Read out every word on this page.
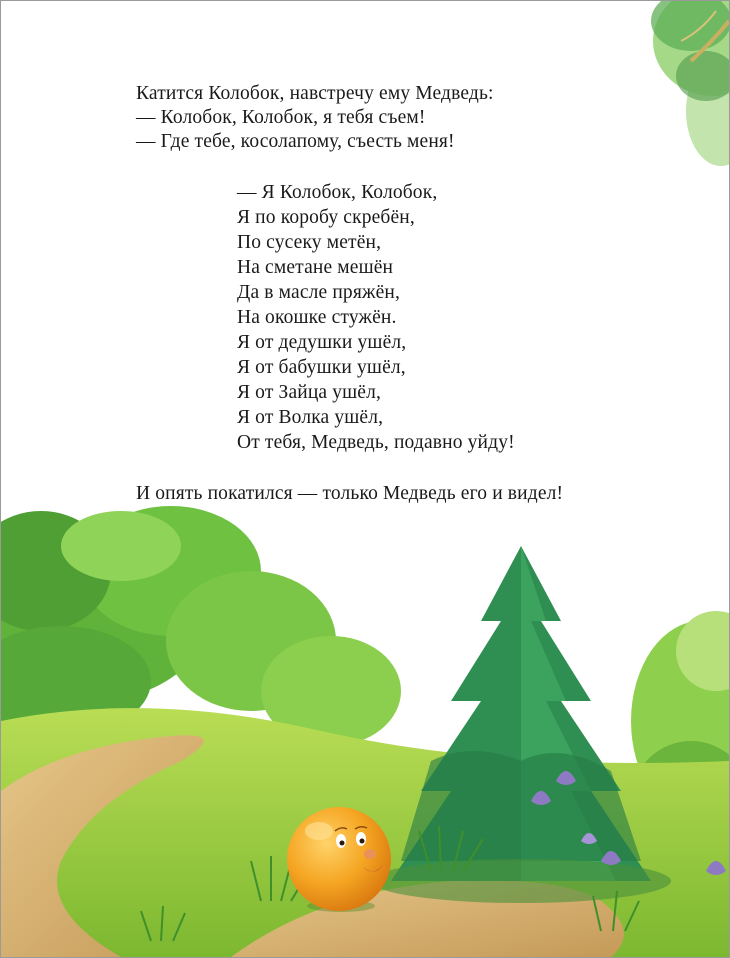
Катится Колобок, навстречу ему Медведь:
— Колобок, Колобок, я тебя съем!
— Где тебе, косолапому, съесть меня!
— Я Колобок, Колобок,
Я по коробу скребён,
По сусеку метён,
На сметане мешён
Да в масле пряжён,
На окошке стужён.
Я от дедушки ушёл,
Я от бабушки ушёл,
Я от Зайца ушёл,
Я от Волка ушёл,
От тебя, Медведь, подавно уйду!
И опять покатился — только Медведь его и видел!
